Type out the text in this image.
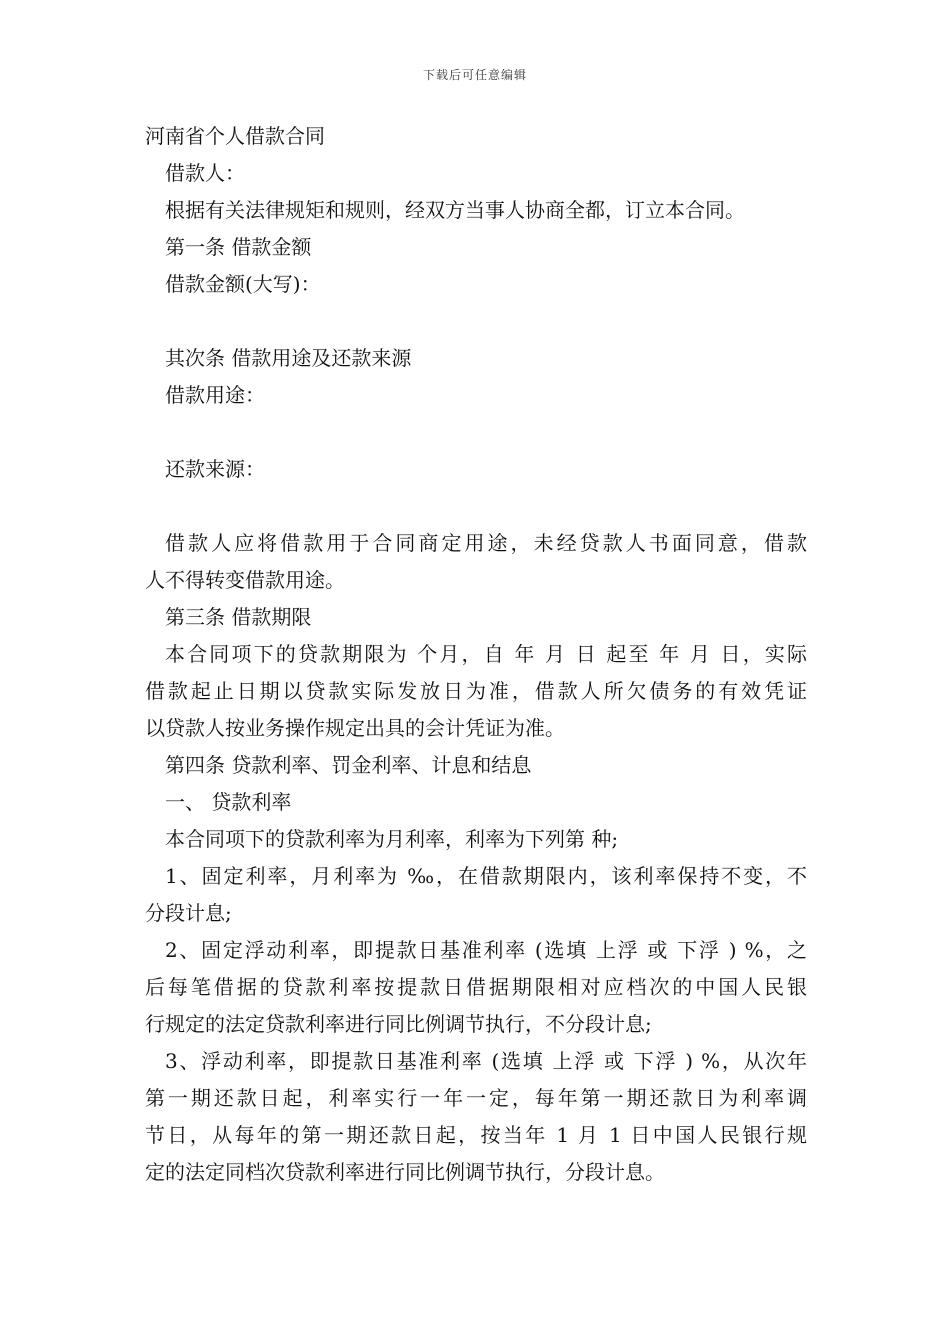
下载后可任意编辑
河南省个人借款合同
借款人：
根据有关法律规矩和规则，经双方当事人协商全都，订立本合同。
第一条 借款金额
借款金额(大写)：
其次条 借款用途及还款来源
借款用途：
还款来源：
借款人应将借款用于合同商定用途，未经贷款人书面同意，借款
人不得转变借款用途。
第三条 借款期限
本合同项下的贷款期限为 个月，自 年 月 日 起至 年 月 日，实际
借款起止日期以贷款实际发放日为准，借款人所欠债务的有效凭证
以贷款人按业务操作规定出具的会计凭证为准。
第四条 贷款利率、罚金利率、计息和结息
一、 贷款利率
本合同项下的贷款利率为月利率，利率为下列第 种;
1、固定利率，月利率为 ‰，在借款期限内，该利率保持不变，不
分段计息;
2、固定浮动利率，即提款日基准利率 (选填 上浮 或 下浮 ) %，之
后每笔借据的贷款利率按提款日借据期限相对应档次的中国人民银
行规定的法定贷款利率进行同比例调节执行，不分段计息;
3、浮动利率，即提款日基准利率 (选填 上浮 或 下浮 ) %，从次年
第一期还款日起，利率实行一年一定，每年第一期还款日为利率调
节日，从每年的第一期还款日起，按当年 1 月 1 日中国人民银行规
定的法定同档次贷款利率进行同比例调节执行，分段计息。
